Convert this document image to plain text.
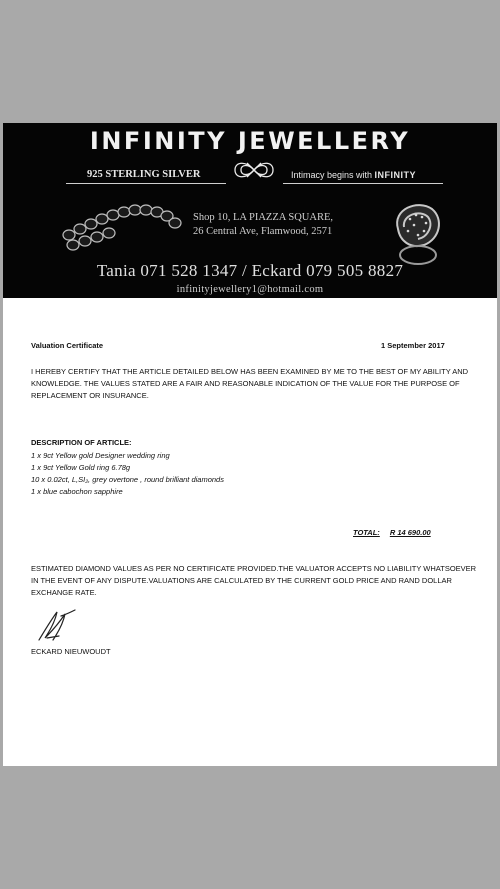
INFINITY JEWELLERY
925 STERLING SILVER	Intimacy begins with INFINITY
Shop 10, LA PIAZZA SQUARE,
26 Central Ave, Flamwood, 2571
Tania 071 528 1347 / Eckard 079 505 8827
infinityjewellery1@hotmail.com
Valuation Certificate	1 September 2017
I HEREBY CERTIFY THAT THE ARTICLE DETAILED BELOW HAS BEEN EXAMINED BY ME TO THE BEST OF MY ABILITY AND KNOWLEDGE. THE VALUES STATED ARE A FAIR AND REASONABLE INDICATION OF THE VALUE FOR THE PURPOSE OF REPLACEMENT OR INSURANCE.
DESCRIPTION OF ARTICLE:
1 x 9ct Yellow gold Designer wedding ring
1 x 9ct Yellow Gold ring 6.78g
10 x 0.02ct, L,SI₂, grey overtone , round brilliant diamonds
1 x blue cabochon sapphire
TOTAL: R 14 690.00
ESTIMATED DIAMOND VALUES AS PER NO CERTIFICATE PROVIDED.THE VALUATOR ACCEPTS NO LIABILITY WHATSOEVER IN THE EVENT OF ANY DISPUTE.VALUATIONS ARE CALCULATED BY THE CURRENT GOLD PRICE AND RAND DOLLAR EXCHANGE RATE.
ECKARD NIEUWOUDT
